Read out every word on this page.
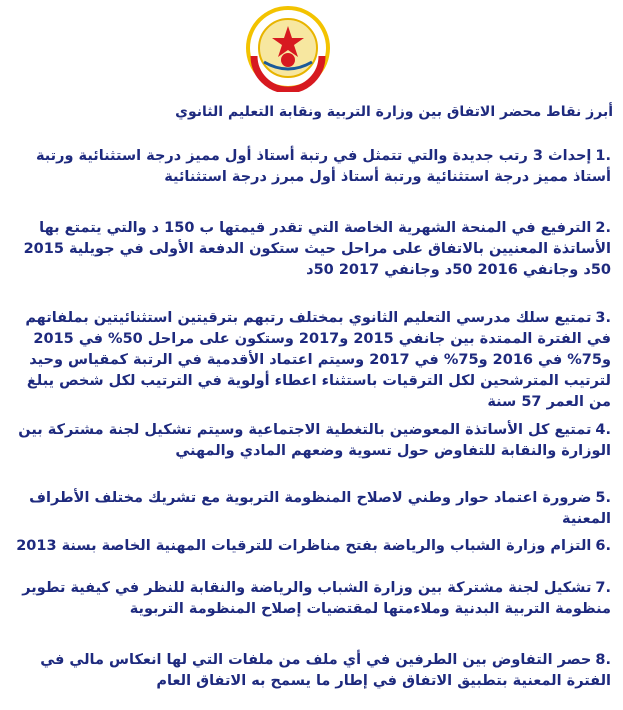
أبرز نقاط محضر الاتفاق بين وزارة التربية ونقابة التعليم الثانوي
1.إحداث 3 رتب جديدة والتي تتمثل في رتبة أستاذ أول مميز درجة استثنائية ورتبة أستاذ مميز درجة استثنائية ورتبة أستاذ أول مبرز درجة استثنائية
2.الترفيع في المنحة الشهرية الخاصة التي تقدر قيمتها ب 150 د والتي يتمتع بها الأساتذة المعنيين بالاتفاق على مراحل حيث ستكون الدفعة الأولى في جويلية 2015 50د وجانفي 2016 50د وجانفي 2017 50د
3.تمتيع سلك مدرسي التعليم الثانوي بمختلف رتبهم بترقيتين استثنائيتين بملفاتهم في الفترة الممتدة بين جانفي 2015 و2017 وستكون على مراحل 50% في 2015 و75% في 2016 و75% في 2017 وسيتم اعتماد الأقدمية في الرتبة كمقياس وحيد لترتيب المترشحين لكل الترقيات باستثناء اعطاء أولوية في الترتيب لكل شخص يبلغ من العمر 57 سنة
4.تمتيع كل الأساتذة المعوضين بالتغطية الاجتماعية وسيتم تشكيل لجنة مشتركة بين الوزارة والنقابة للتفاوض حول تسوية وضعهم المادي والمهني
5.ضرورة اعتماد حوار وطني لاصلاح المنظومة التربوية مع تشريك مختلف الأطراف المعنية
6.التزام وزارة الشباب والرياضة بفتح مناظرات للترقيات المهنية الخاصة بسنة 2013
7.تشكيل لجنة مشتركة بين وزارة الشباب والرياضة والنقابة للنظر في كيفية تطوير منظومة التربية البدنية وملاءمتها لمقتضيات إصلاح المنظومة التربوية
8.حصر التفاوض بين الطرفين في أي ملف من ملفات التي لها انعكاس مالي في الفترة المعنية بتطبيق الاتفاق في إطار ما يسمح به الاتفاق العام
